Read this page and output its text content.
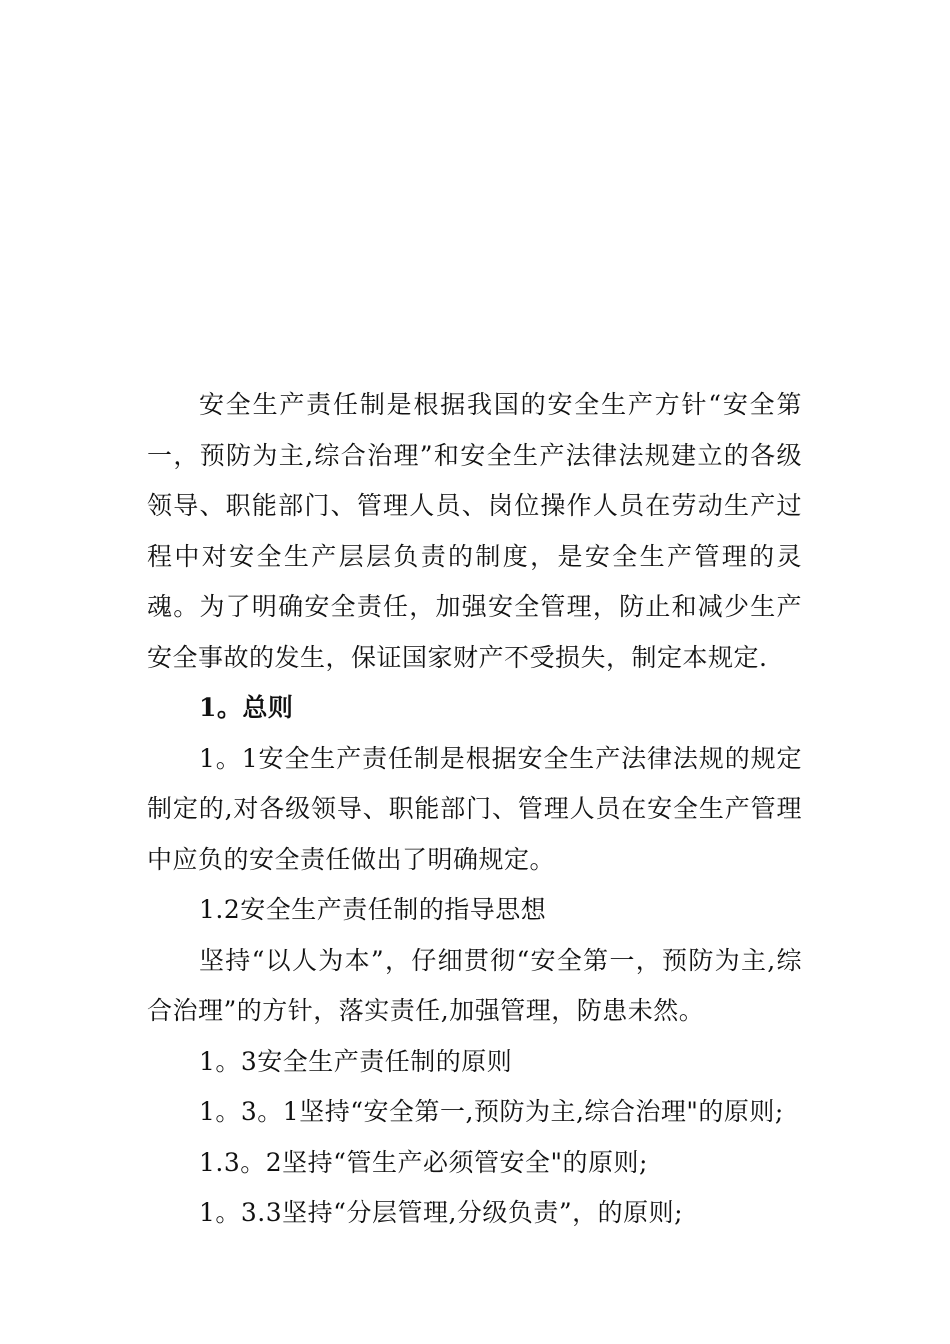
安全生产责任制是根据我国的安全生产方针“安全第一，预防为主,综合治理”和安全生产法律法规建立的各级领导、职能部门、管理人员、岗位操作人员在劳动生产过程中对安全生产层层负责的制度，是安全生产管理的灵魂。为了明确安全责任，加强安全管理，防止和减少生产安全事故的发生，保证国家财产不受损失，制定本规定.

1。总则

1。1安全生产责任制是根据安全生产法律法规的规定制定的,对各级领导、职能部门、管理人员在安全生产管理中应负的安全责任做出了明确规定。

1.2安全生产责任制的指导思想

坚持“以人为本”，仔细贯彻“安全第一，预防为主,综合治理”的方针，落实责任,加强管理，防患未然。

1。3安全生产责任制的原则

1。3。1坚持“安全第一,预防为主,综合治理"的原则;

1.3。2坚持“管生产必须管安全"的原则;

1。3.3坚持“分层管理,分级负责”，的原则;
